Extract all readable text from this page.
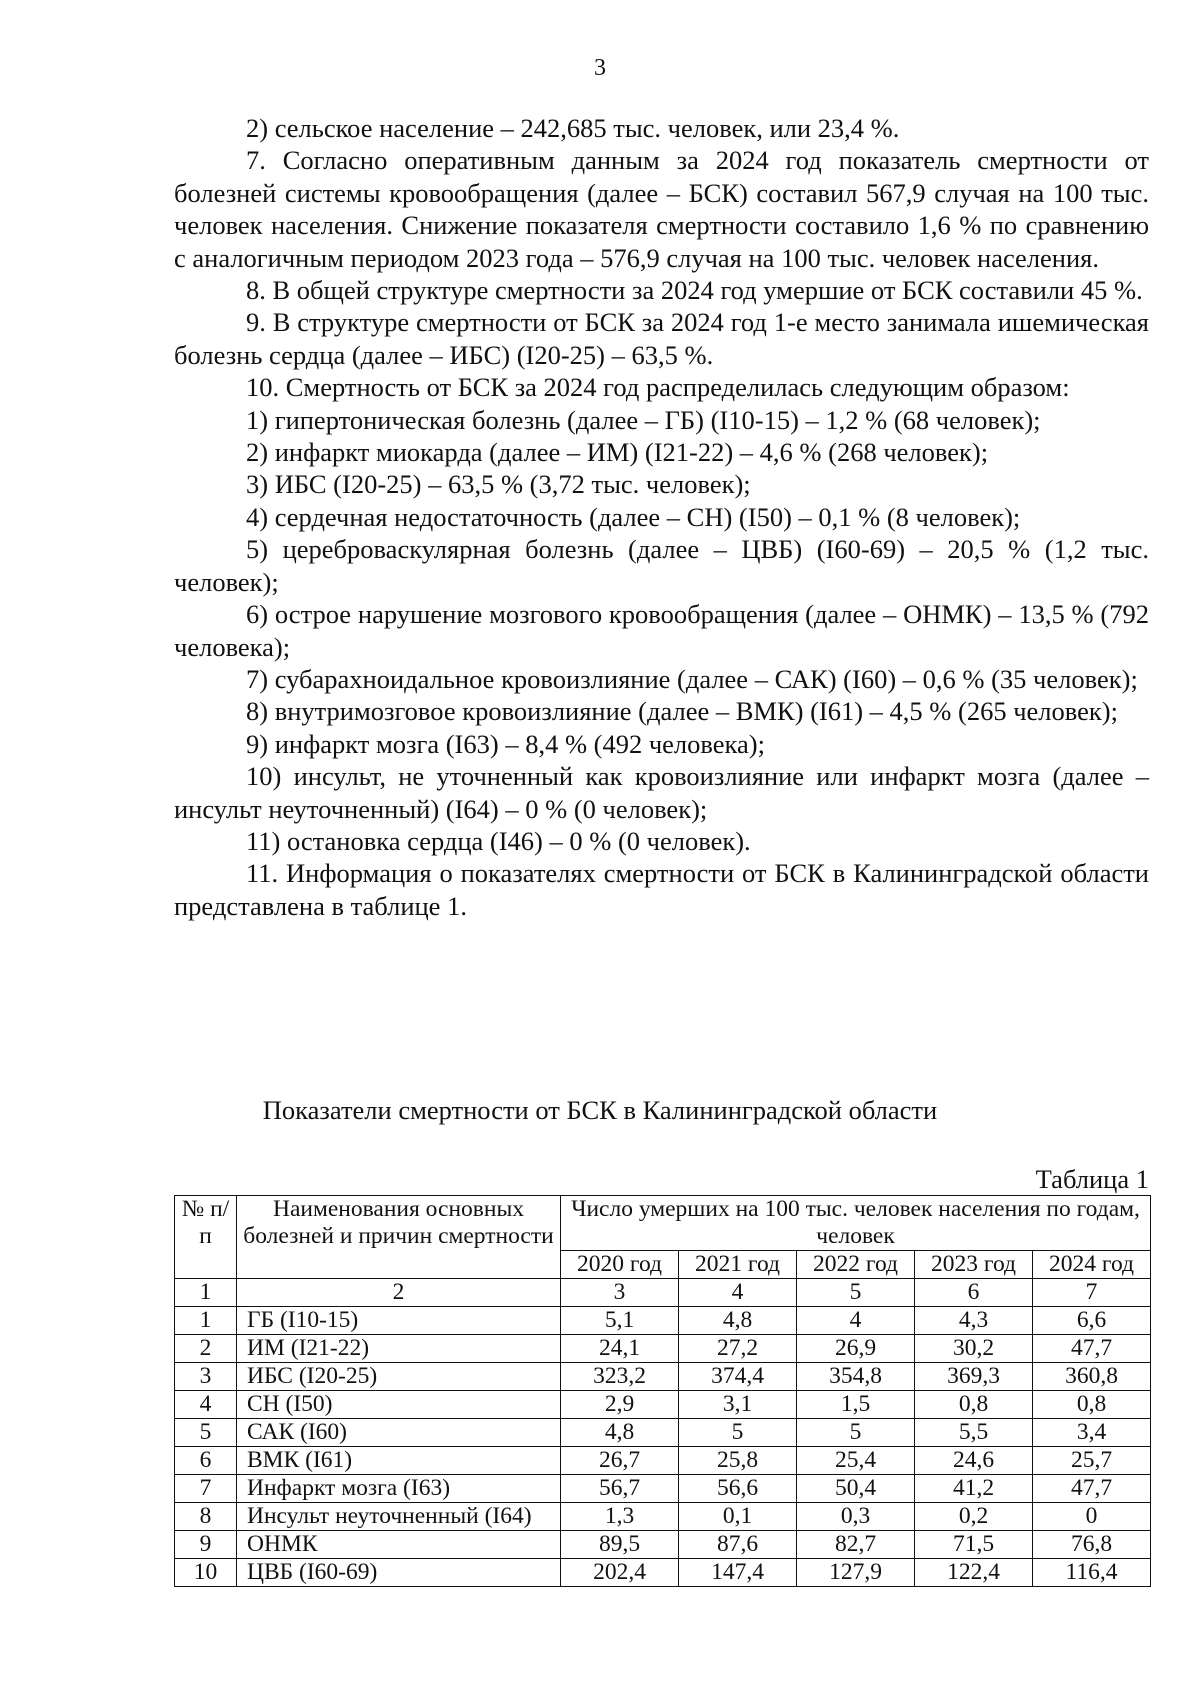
3

2) сельское население – 242,685 тыс. человек, или 23,4 %.

7. Согласно оперативным данным за 2024 год показатель смертности от болезней системы кровообращения (далее – БСК) составил 567,9 случая на 100 тыс. человек населения. Снижение показателя смертности составило 1,6 % по сравнению с аналогичным периодом 2023 года – 576,9 случая на 100 тыс. человек населения.

8. В общей структуре смертности за 2024 год умершие от БСК составили 45 %.

9. В структуре смертности от БСК за 2024 год 1-е место занимала ишемическая болезнь сердца (далее – ИБС) (I20-25) – 63,5 %.

10. Смертность от БСК за 2024 год распределилась следующим образом:

1) гипертоническая болезнь (далее – ГБ) (I10-15) – 1,2 % (68 человек);

2) инфаркт миокарда (далее – ИМ) (I21-22) – 4,6 % (268 человек);

3) ИБС (I20-25) – 63,5 % (3,72 тыс. человек);

4) сердечная недостаточность (далее – СН) (I50) – 0,1 % (8 человек);

5) цереброваскулярная болезнь (далее – ЦВБ) (I60-69) – 20,5 % (1,2 тыс. человек);

6) острое нарушение мозгового кровообращения (далее – ОНМК) – 13,5 % (792 человека);

7) субарахноидальное кровоизлияние (далее – САК) (I60) – 0,6 % (35 человек);

8) внутримозговое кровоизлияние (далее – ВМК) (I61) – 4,5 % (265 человек);

9) инфаркт мозга (I63) – 8,4 % (492 человека);

10) инсульт, не уточненный как кровоизлияние или инфаркт мозга (далее – инсульт неуточненный) (I64) – 0 % (0 человек);

11) остановка сердца (I46) – 0 % (0 человек).

11. Информация о показателях смертности от БСК в Калининградской области представлена в таблице 1.

Показатели смертности от БСК в Калининградской области
Таблица 1
№ п/п	Наименования основных болезней и причин смертности	Число умерших на 100 тыс. человек населения по годам, человек				
		2020 год	2021 год	2022 год	2023 год	2024 год
1	2	3	4	5	6	7
1	ГБ (I10-15)	5,1	4,8	4	4,3	6,6
2	ИМ (I21-22)	24,1	27,2	26,9	30,2	47,7
3	ИБС (I20-25)	323,2	374,4	354,8	369,3	360,8
4	СН (I50)	2,9	3,1	1,5	0,8	0,8
5	САК (I60)	4,8	5	5	5,5	3,4
6	ВМК (I61)	26,7	25,8	25,4	24,6	25,7
7	Инфаркт мозга (I63)	56,7	56,6	50,4	41,2	47,7
8	Инсульт неуточненный (I64)	1,3	0,1	0,3	0,2	0
9	ОНМК	89,5	87,6	82,7	71,5	76,8
10	ЦВБ (I60-69)	202,4	147,4	127,9	122,4	116,4
